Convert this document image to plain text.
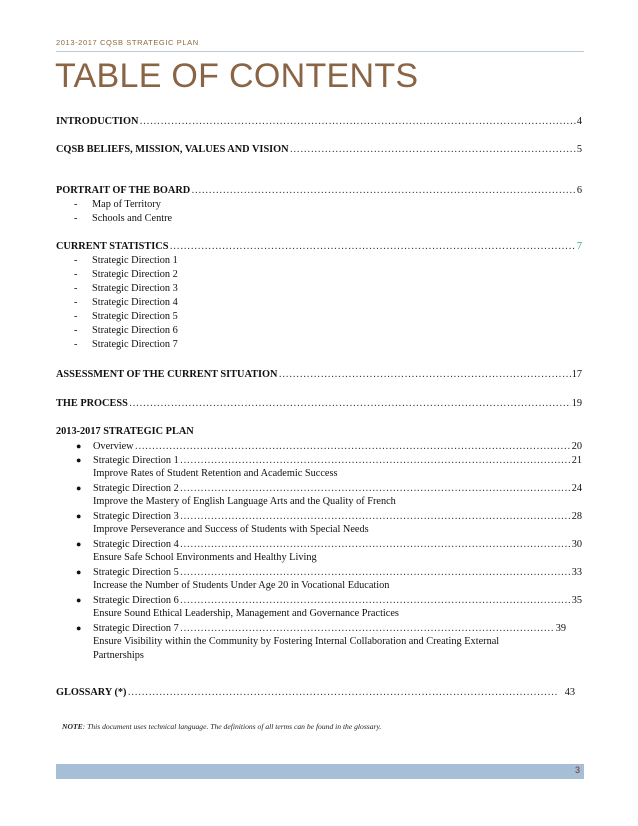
2013-2017 CQSB STRATEGIC PLAN
TABLE OF CONTENTS
INTRODUCTION ………………………………………………………………………………………………………………………………………………………………………………………………………………………………………………………………………	4
CQSB BELIEFS, MISSION, VALUES AND VISION ………………………………………………………………………………………………………………………………………………………………………………………………………………………………………………………………………	5
PORTRAIT OF THE BOARD ………………………………………………………………………………………………………………………………………………………………………………………………………………………………………………………………………	6
-	Map of Territory
-	Schools and Centre
CURRENT STATISTICS ………………………………………………………………………………………………………………………………………………………………………………………………………………………………………………………………………	7
-	Strategic Direction 1
-	Strategic Direction 2
-	Strategic Direction 3
-	Strategic Direction 4
-	Strategic Direction 5
-	Strategic Direction 6
-	Strategic Direction 7
ASSESSMENT OF THE CURRENT SITUATION ………………………………………………………………………………………………………………………………………………………………………………………………………………………………………………………………………	17
THE PROCESS ………………………………………………………………………………………………………………………………………………………………………………………………………………………………………………………………………	19
2013-2017 STRATEGIC PLAN
●	Overview ………………………………………………………………………………………………………………………………………………………………………………………………………………………………………………………………………	20
●	Strategic Direction 1 ………………………………………………………………………………………………………………………………………………………………………………………………………………………………………………………………………	21
Improve Rates of Student Retention and Academic Success
●	Strategic Direction 2 ………………………………………………………………………………………………………………………………………………………………………………………………………………………………………………………………………	24
Improve the Mastery of English Language Arts and the Quality of French
●	Strategic Direction 3 ………………………………………………………………………………………………………………………………………………………………………………………………………………………………………………………………………	28
Improve Perseverance and Success of Students with Special Needs
●	Strategic Direction 4 ………………………………………………………………………………………………………………………………………………………………………………………………………………………………………………………………………	30
Ensure Safe School Environments and Healthy Living
●	Strategic Direction 5 ………………………………………………………………………………………………………………………………………………………………………………………………………………………………………………………………………	33
Increase the Number of Students Under Age 20 in Vocational Education
●	Strategic Direction 6 ………………………………………………………………………………………………………………………………………………………………………………………………………………………………………………………………………	35
Ensure Sound Ethical Leadership, Management and Governance Practices
●	Strategic Direction 7 ………………………………………………………………………………………………………………………………………………………………………………………………………………………………………………………………………	39
Ensure Visibility within the Community by Fostering Internal Collaboration and Creating External Partnerships
GLOSSARY (*) ………………………………………………………………………………………………………………………………………………………………………………………………………………………………………………………………………	43
NOTE: This document uses technical language. The definitions of all terms can be found in the glossary.
3
